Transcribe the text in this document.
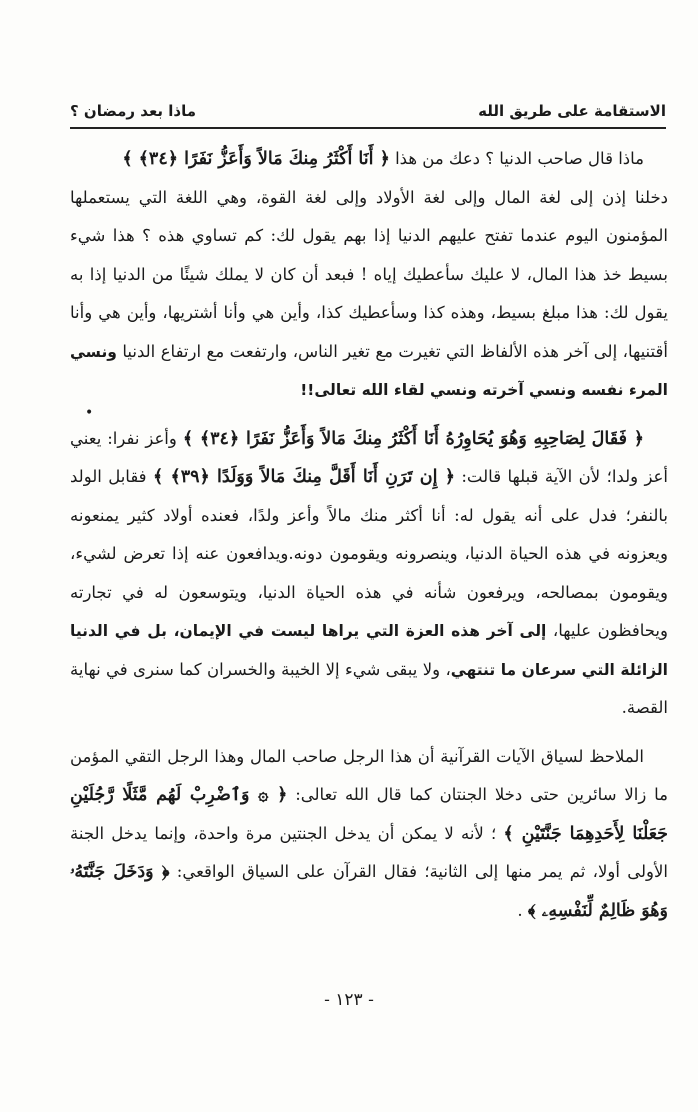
الاستقامة على طريق الله
ماذا بعد رمضان ؟

ماذا قال صاحب الدنيا ؟ دعك من هذا ﴿ أَنَا أَكْثَرُ مِنكَ مَالاً وَأَعَزُّ نَفَرًا ﴿٣٤﴾ ﴾

دخلنا إذن إلى لغة المال وإلى لغة الأولاد وإلى لغة القوة، وهي اللغة التي يستعملها المؤمنون اليوم عندما تفتح عليهم الدنيا إذا بهم يقول لك: كم تساوي هذه ؟ هذا شيء بسيط خذ هذا المال، لا عليك سأعطيك إياه ! فبعد أن كان لا يملك شيئًا من الدنيا إذا به يقول لك: هذا مبلغ بسيط، وهذه كذا وسأعطيك كذا، وأين هي وأنا أشتريها، وأين هي وأنا أقتنيها، إلى آخر هذه الألفاظ التي تغيرت مع تغير الناس، وارتفعت مع ارتفاع الدنيا ونسي المرء نفسه ونسي آخرته ونسي لقاء الله تعالى!!

﴿ فَقَالَ لِصَاحِبِهِ وَهُوَ يُحَاوِرُهُ أَنَا أَكْثَرُ مِنكَ مَالاً وَأَعَزُّ نَفَرًا ﴿٣٤﴾ ﴾ وأعز نفرا: يعني أعز ولدا؛ لأن الآية قبلها قالت: ﴿ إِن تَرَنِ أَنَا أَقَلَّ مِنكَ مَالاً وَوَلَدًا ﴿٣٩﴾ ﴾ فقابل الولد بالنفر؛ فدل على أنه يقول له: أنا أكثر منك مالاً وأعز ولدًا، فعنده أولاد كثير يمنعونه ويعزونه في هذه الحياة الدنيا، وينصرونه ويقومون دونه.ويدافعون عنه إذا تعرض لشيء، ويقومون بمصالحه، ويرفعون شأنه في هذه الحياة الدنيا، ويتوسعون له في تجارته ويحافظون عليها، إلى آخر هذه العزة التي يراها ليست في الإيمان، بل في الدنيا الزائلة التي سرعان ما تنتهي، ولا يبقى شيء إلا الخيبة والخسران كما سنرى في نهاية القصة.

الملاحظ لسياق الآيات القرآنية أن هذا الرجل صاحب المال وهذا الرجل التقي المؤمن ما زالا سائرين حتى دخلا الجنتان كما قال الله تعالى: ﴿ ۞ وَٱضْرِبْ لَهُم مَّثَلًا رَّجُلَيْنِ جَعَلْنَا لِأَحَدِهِمَا جَنَّتَيْنِ ﴾ ؛ لأنه لا يمكن أن يدخل الجنتين مرة واحدة، وإنما يدخل الجنة الأولى أولا، ثم يمر منها إلى الثانية؛ فقال القرآن على السياق الواقعي: ﴿ وَدَخَلَ جَنَّتَهُۥ وَهُوَ ظَالِمٌ لِّنَفْسِهِۦ ﴾ .

•
- ١٢٣ -
